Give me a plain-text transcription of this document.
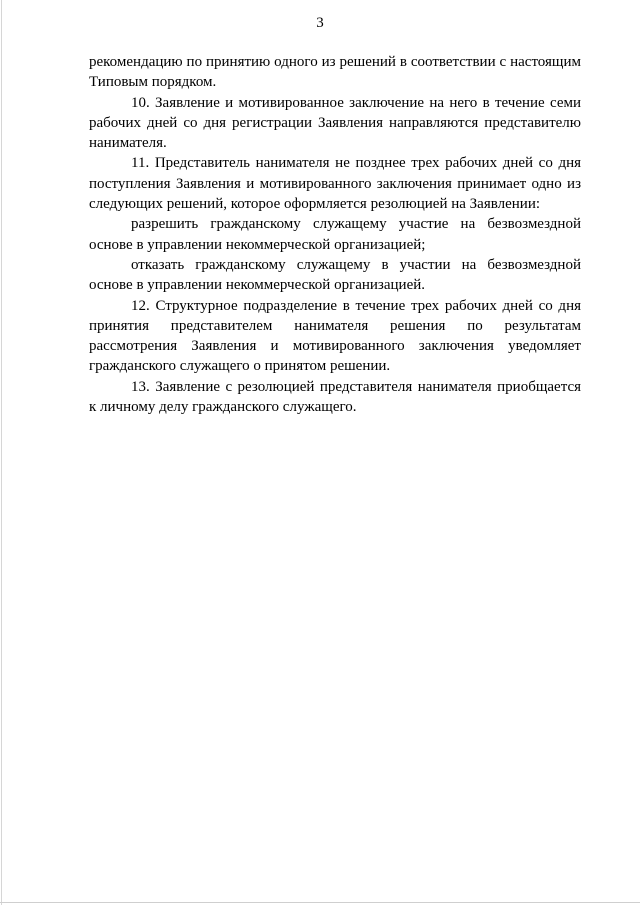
3

рекомендацию по принятию одного из решений в соответствии с настоящим Типовым порядком.

10. Заявление и мотивированное заключение на него в течение семи рабочих дней со дня регистрации Заявления направляются представителю нанимателя.

11. Представитель нанимателя не позднее трех рабочих дней со дня поступления Заявления и мотивированного заключения принимает одно из следующих решений, которое оформляется резолюцией на Заявлении:

разрешить гражданскому служащему участие на безвозмездной основе в управлении некоммерческой организацией;

отказать гражданскому служащему в участии на безвозмездной основе в управлении некоммерческой организацией.

12. Структурное подразделение в течение трех рабочих дней со дня принятия представителем нанимателя решения по результатам рассмотрения Заявления и мотивированного заключения уведомляет гражданского служащего о принятом решении.

13. Заявление с резолюцией представителя нанимателя приобщается к личному делу гражданского служащего.
